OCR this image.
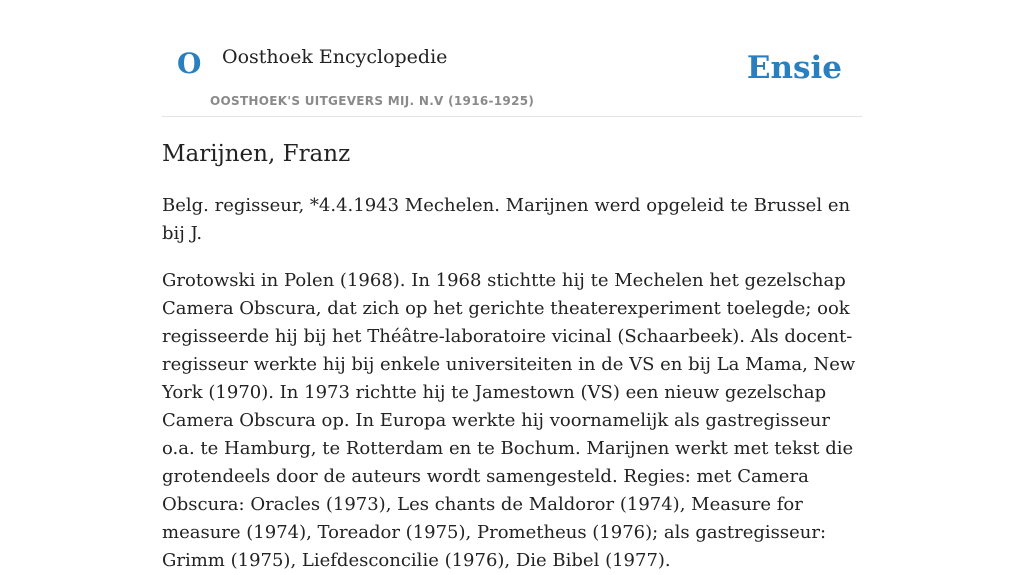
O Oosthoek Encyclopedie
OOSTHOEK'S UITGEVERS MIJ. N.V (1916-1925)
Ensie
Marijnen, Franz

Belg. regisseur, *4.4.1943 Mechelen. Marijnen werd opgeleid te Brussel en bij J.

Grotowski in Polen (1968). In 1968 stichtte hij te Mechelen het gezelschap Camera Obscura, dat zich op het gerichte theaterexperiment toelegde; ook regisseerde hij bij het Théâtre-laboratoire vicinal (Schaarbeek). Als docent-regisseur werkte hij bij enkele universiteiten in de VS en bij La Mama, New York (1970). In 1973 richtte hij te Jamestown (VS) een nieuw gezelschap Camera Obscura op. In Europa werkte hij voornamelijk als gastregisseur o.a. te Hamburg, te Rotterdam en te Bochum. Marijnen werkt met tekst die grotendeels door de auteurs wordt samengesteld. Regies: met Camera Obscura: Oracles (1973), Les chants de Maldoror (1974), Measure for measure (1974), Toreador (1975), Prometheus (1976); als gastregisseur: Grimm (1975), Liefdesconcilie (1976), Die Bibel (1977).
